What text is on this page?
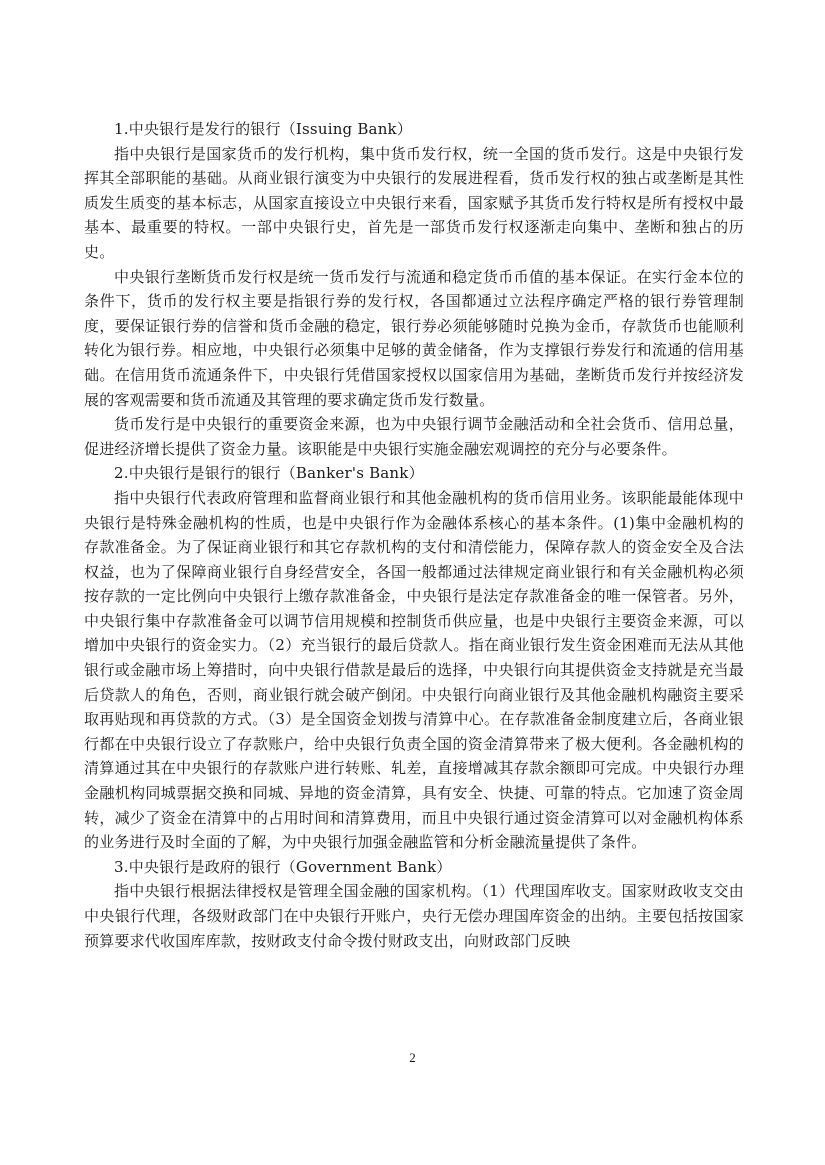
1.中央银行是发行的银行（Issuing Bank）

指中央银行是国家货币的发行机构，集中货币发行权，统一全国的货币发行。这是中央银行发挥其全部职能的基础。从商业银行演变为中央银行的发展进程看，货币发行权的独占或垄断是其性质发生质变的基本标志，从国家直接设立中央银行来看，国家赋予其货币发行特权是所有授权中最基本、最重要的特权。一部中央银行史，首先是一部货币发行权逐渐走向集中、垄断和独占的历史。

中央银行垄断货币发行权是统一货币发行与流通和稳定货币币值的基本保证。在实行金本位的条件下，货币的发行权主要是指银行券的发行权，各国都通过立法程序确定严格的银行券管理制度，要保证银行券的信誉和货币金融的稳定，银行券必须能够随时兑换为金币，存款货币也能顺利转化为银行券。相应地，中央银行必须集中足够的黄金储备，作为支撑银行券发行和流通的信用基础。在信用货币流通条件下，中央银行凭借国家授权以国家信用为基础，垄断货币发行并按经济发展的客观需要和货币流通及其管理的要求确定货币发行数量。

货币发行是中央银行的重要资金来源，也为中央银行调节金融活动和全社会货币、信用总量，促进经济增长提供了资金力量。该职能是中央银行实施金融宏观调控的充分与必要条件。

2.中央银行是银行的银行（Banker's Bank）

指中央银行代表政府管理和监督商业银行和其他金融机构的货币信用业务。该职能最能体现中央银行是特殊金融机构的性质，也是中央银行作为金融体系核心的基本条件。(1)集中金融机构的存款准备金。为了保证商业银行和其它存款机构的支付和清偿能力，保障存款人的资金安全及合法权益，也为了保障商业银行自身经营安全，各国一般都通过法律规定商业银行和有关金融机构必须按存款的一定比例向中央银行上缴存款准备金，中央银行是法定存款准备金的唯一保管者。另外，中央银行集中存款准备金可以调节信用规模和控制货币供应量，也是中央银行主要资金来源，可以增加中央银行的资金实力。（2）充当银行的最后贷款人。指在商业银行发生资金困难而无法从其他银行或金融市场上筹措时，向中央银行借款是最后的选择，中央银行向其提供资金支持就是充当最后贷款人的角色，否则，商业银行就会破产倒闭。中央银行向商业银行及其他金融机构融资主要采取再贴现和再贷款的方式。（3）是全国资金划拨与清算中心。在存款准备金制度建立后，各商业银行都在中央银行设立了存款账户，给中央银行负责全国的资金清算带来了极大便利。各金融机构的清算通过其在中央银行的存款账户进行转账、轧差，直接增减其存款余额即可完成。中央银行办理金融机构同城票据交换和同城、异地的资金清算，具有安全、快捷、可靠的特点。它加速了资金周转，减少了资金在清算中的占用时间和清算费用，而且中央银行通过资金清算可以对金融机构体系的业务进行及时全面的了解，为中央银行加强金融监管和分析金融流量提供了条件。

3.中央银行是政府的银行（Government Bank）

指中央银行根据法律授权是管理全国金融的国家机构。（1）代理国库收支。国家财政收支交由中央银行代理，各级财政部门在中央银行开账户，央行无偿办理国库资金的出纳。主要包括按国家预算要求代收国库库款，按财政支付命令拨付财政支出，向财政部门反映

2
